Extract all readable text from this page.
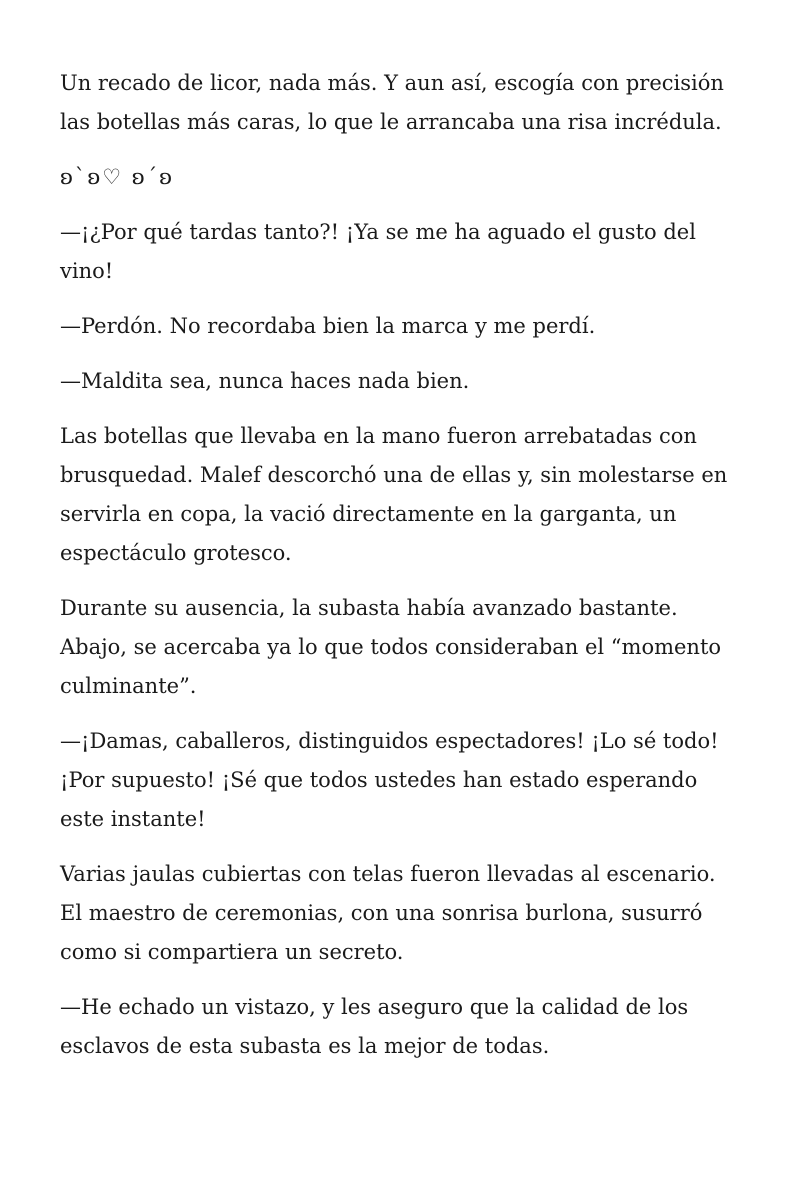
Un recado de licor, nada más. Y aun así, escogía con precisión las botellas más caras, lo que le arrancaba una risa incrédula.

ʚ`ʚ♡ ʚ´ʚ

—¡¿Por qué tardas tanto?! ¡Ya se me ha aguado el gusto del vino!

—Perdón. No recordaba bien la marca y me perdí.

—Maldita sea, nunca haces nada bien.

Las botellas que llevaba en la mano fueron arrebatadas con brusquedad. Malef descorchó una de ellas y, sin molestarse en servirla en copa, la vació directamente en la garganta, un espectáculo grotesco.

Durante su ausencia, la subasta había avanzado bastante. Abajo, se acercaba ya lo que todos consideraban el “momento culminante”.

—¡Damas, caballeros, distinguidos espectadores! ¡Lo sé todo! ¡Por supuesto! ¡Sé que todos ustedes han estado esperando este instante!

Varias jaulas cubiertas con telas fueron llevadas al escenario. El maestro de ceremonias, con una sonrisa burlona, susurró como si compartiera un secreto.

—He echado un vistazo, y les aseguro que la calidad de los esclavos de esta subasta es la mejor de todas.
